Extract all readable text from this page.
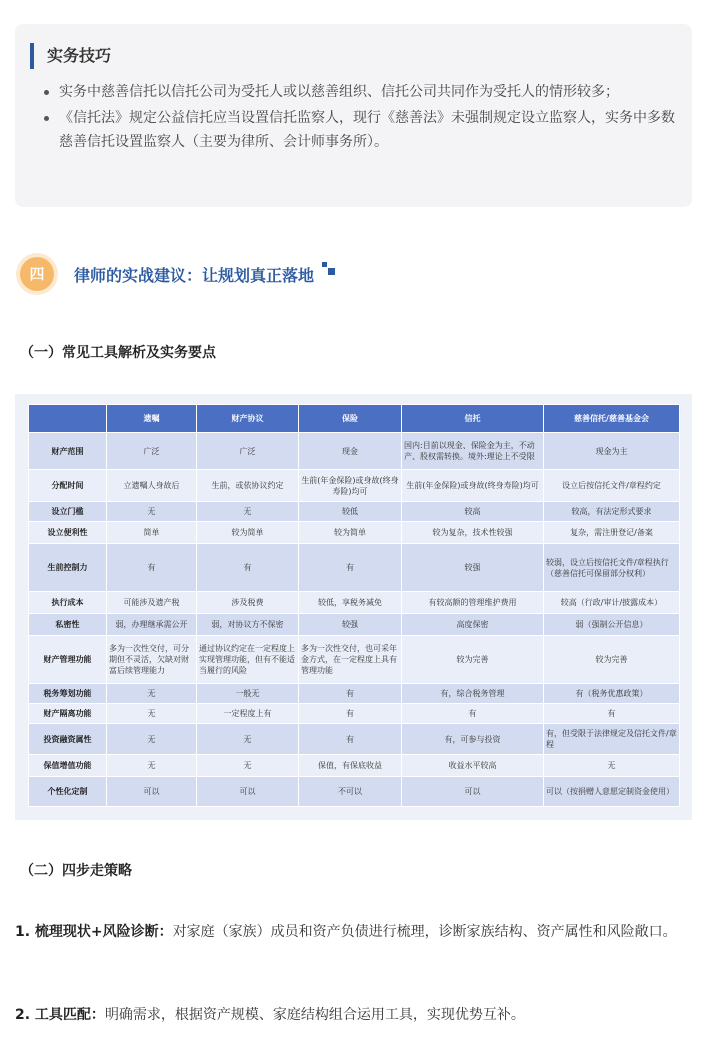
实务技巧
实务中慈善信托以信托公司为受托人或以慈善组织、信托公司共同作为受托人的情形较多；
《信托法》规定公益信托应当设置信托监察人，现行《慈善法》未强制规定设立监察人，实务中多数慈善信托设置监察人（主要为律所、会计师事务所）。
四	律师的实战建议：让规划真正落地
（一）常见工具解析及实务要点
	遗嘱	财产协议	保险	信托	慈善信托/慈善基金会
财产范围	广泛	广泛	现金	国内:目前以现金、保险金为主，不动产、股权需转换。境外:理论上不受限	现金为主
分配时间	立遗嘱人身故后	生前，或依协议约定	生前(年金保险)或身故(终身寿险)均可	生前(年金保险)或身故(终身寿险)均可	设立后按信托文件/章程约定
设立门槛	无	无	较低	较高	较高，有法定形式要求
设立便利性	简单	较为简单	较为简单	较为复杂，技术性较强	复杂，需注册登记/备案
生前控制力	有	有	有	较强	较弱，设立后按信托文件/章程执行（慈善信托可保留部分权利）
执行成本	可能涉及遗产税	涉及税费	较低，享税务减免	有较高额的管理维护费用	较高（行政/审计/披露成本）
私密性	弱，办理继承需公开	弱，对协议方不保密	较强	高度保密	弱（强制公开信息）
财产管理功能	多为一次性交付，可分期但不灵活，欠缺对财富后续管理能力	通过协议约定在一定程度上实现管理功能，但有不能适当履行的风险	多为一次性交付，也可采年金方式，在一定程度上具有管理功能	较为完善	较为完善
税务筹划功能	无	一般无	有	有，综合税务管理	有（税务优惠政策）
财产隔离功能	无	一定程度上有	有	有	有
投资融资属性	无	无	有	有，可参与投资	有，但受限于法律规定及信托文件/章程
保值增值功能	无	无	保值，有保底收益	收益水平较高	无
个性化定制	可以	可以	不可以	可以	可以（按捐赠人意愿定制资金使用）
（二）四步走策略

1. 梳理现状+风险诊断：对家庭（家族）成员和资产负债进行梳理，诊断家族结构、资产属性和风险敞口。

2. 工具匹配：明确需求，根据资产规模、家庭结构组合运用工具，实现优势互补。
